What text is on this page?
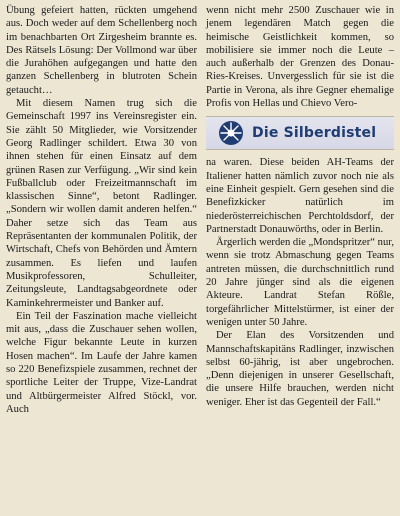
Übung gefeiert hatten, rückten umgehend aus. Doch weder auf dem Schellenberg noch im benachbarten Ort Zirgesheim brannte es. Des Rätsels Lösung: Der Vollmond war über die Jurahöhen aufgegangen und hatte den ganzen Schellenberg in blutroten Schein getaucht…

Mit diesem Namen trug sich die Gemeinschaft 1997 ins Vereinsregister ein. Sie zählt 50 Mitglieder, wie Vorsitzender Georg Radlinger schildert. Etwa 30 von ihnen stehen für einen Einsatz auf dem grünen Rasen zur Verfügung. „Wir sind kein Fußballclub oder Freizeitmannschaft im klassischen Sinne“, betont Radlinger. „Sondern wir wollen damit anderen helfen.“ Daher setze sich das Team aus Repräsentanten der kommunalen Politik, der Wirtschaft, Chefs von Behörden und Ämtern zusammen. Es liefen und laufen Musikprofessoren, Schulleiter, Zeitungsleute, Landtagsabgeordnete oder Kaminkehrermeister und Banker auf.

Ein Teil der Faszination mache vielleicht mit aus, „dass die Zuschauer sehen wollen, welche Figur bekannte Leute in kurzen Hosen machen“. Im Laufe der Jahre kamen so 220 Benefizspiele zusammen, rechnet der sportliche Leiter der Truppe, Vize-Landrat und Altbürgermeister Alfred Stöckl, vor. Auch

wenn nicht mehr 2500 Zuschauer wie in jenem legendären Match gegen die heimische Geistlichkeit kommen, so mobilisiere sie immer noch die Leute – auch außerhalb der Grenzen des Donau-Ries-Kreises. Unvergesslich für sie ist die Partie in Verona, als ihre Gegner ehemalige Profis von Hellas und Chievo Vero-

Die Silberdistel

na waren. Diese beiden AH-Teams der Italiener hatten nämlich zuvor noch nie als eine Einheit gespielt. Gern gesehen sind die Benefizkicker natürlich im niederösterreichischen Perchtoldsdorf, der Partnerstadt Donauwörths, oder in Berlin.

Ärgerlich werden die „Mondspritzer“ nur, wenn sie trotz Abmaschung gegen Teams antreten müssen, die durchschnittlich rund 20 Jahre jünger sind als die eigenen Akteure. Landrat Stefan Rößle, torgefährlicher Mittelstürmer, ist einer der wenigen unter 50 Jahre.

Der Elan des Vorsitzenden und Mannschaftskapitäns Radlinger, inzwischen selbst 60-jährig, ist aber ungebrochen. „Denn diejenigen in unserer Gesellschaft, die unsere Hilfe brauchen, werden nicht weniger. Eher ist das Gegenteil der Fall.“
